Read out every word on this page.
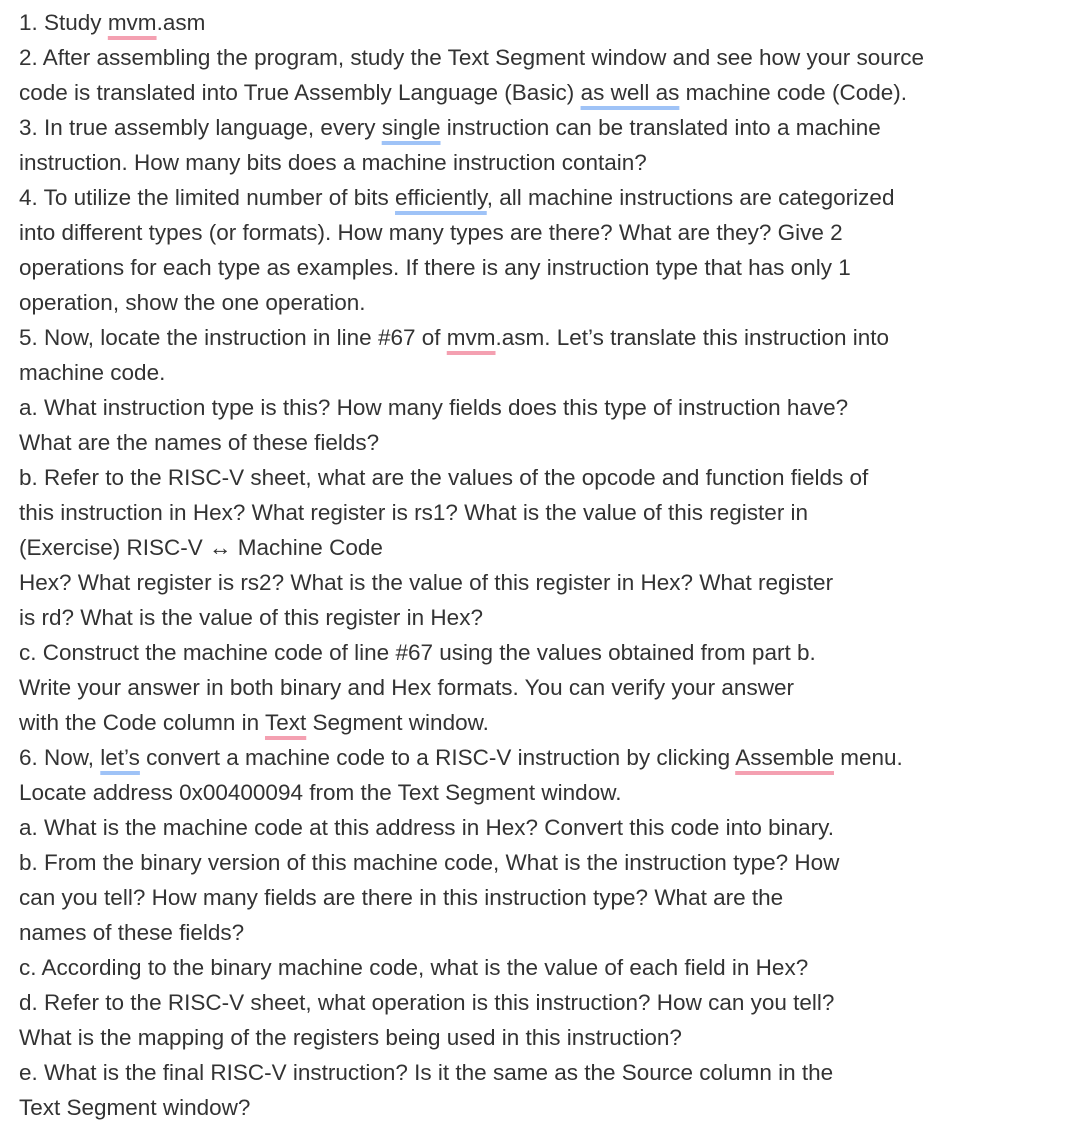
1. Study mvm.asm
2. After assembling the program, study the Text Segment window and see how your source
code is translated into True Assembly Language (Basic) as well as machine code (Code).
3. In true assembly language, every single instruction can be translated into a machine
instruction. How many bits does a machine instruction contain?
4. To utilize the limited number of bits efficiently, all machine instructions are categorized
into different types (or formats). How many types are there? What are they? Give 2
operations for each type as examples. If there is any instruction type that has only 1
operation, show the one operation.
5. Now, locate the instruction in line #67 of mvm.asm. Let’s translate this instruction into
machine code.
a. What instruction type is this? How many fields does this type of instruction have?
What are the names of these fields?
b. Refer to the RISC-V sheet, what are the values of the opcode and function fields of
this instruction in Hex? What register is rs1? What is the value of this register in
(Exercise) RISC-V ↔ Machine Code
Hex? What register is rs2? What is the value of this register in Hex? What register
is rd? What is the value of this register in Hex?
c. Construct the machine code of line #67 using the values obtained from part b.
Write your answer in both binary and Hex formats. You can verify your answer
with the Code column in Text Segment window.
6. Now, let’s convert a machine code to a RISC-V instruction by clicking Assemble menu.
Locate address 0x00400094 from the Text Segment window.
a. What is the machine code at this address in Hex? Convert this code into binary.
b. From the binary version of this machine code, What is the instruction type? How
can you tell? How many fields are there in this instruction type? What are the
names of these fields?
c. According to the binary machine code, what is the value of each field in Hex?
d. Refer to the RISC-V sheet, what operation is this instruction? How can you tell?
What is the mapping of the registers being used in this instruction?
e. What is the final RISC-V instruction? Is it the same as the Source column in the
Text Segment window?
